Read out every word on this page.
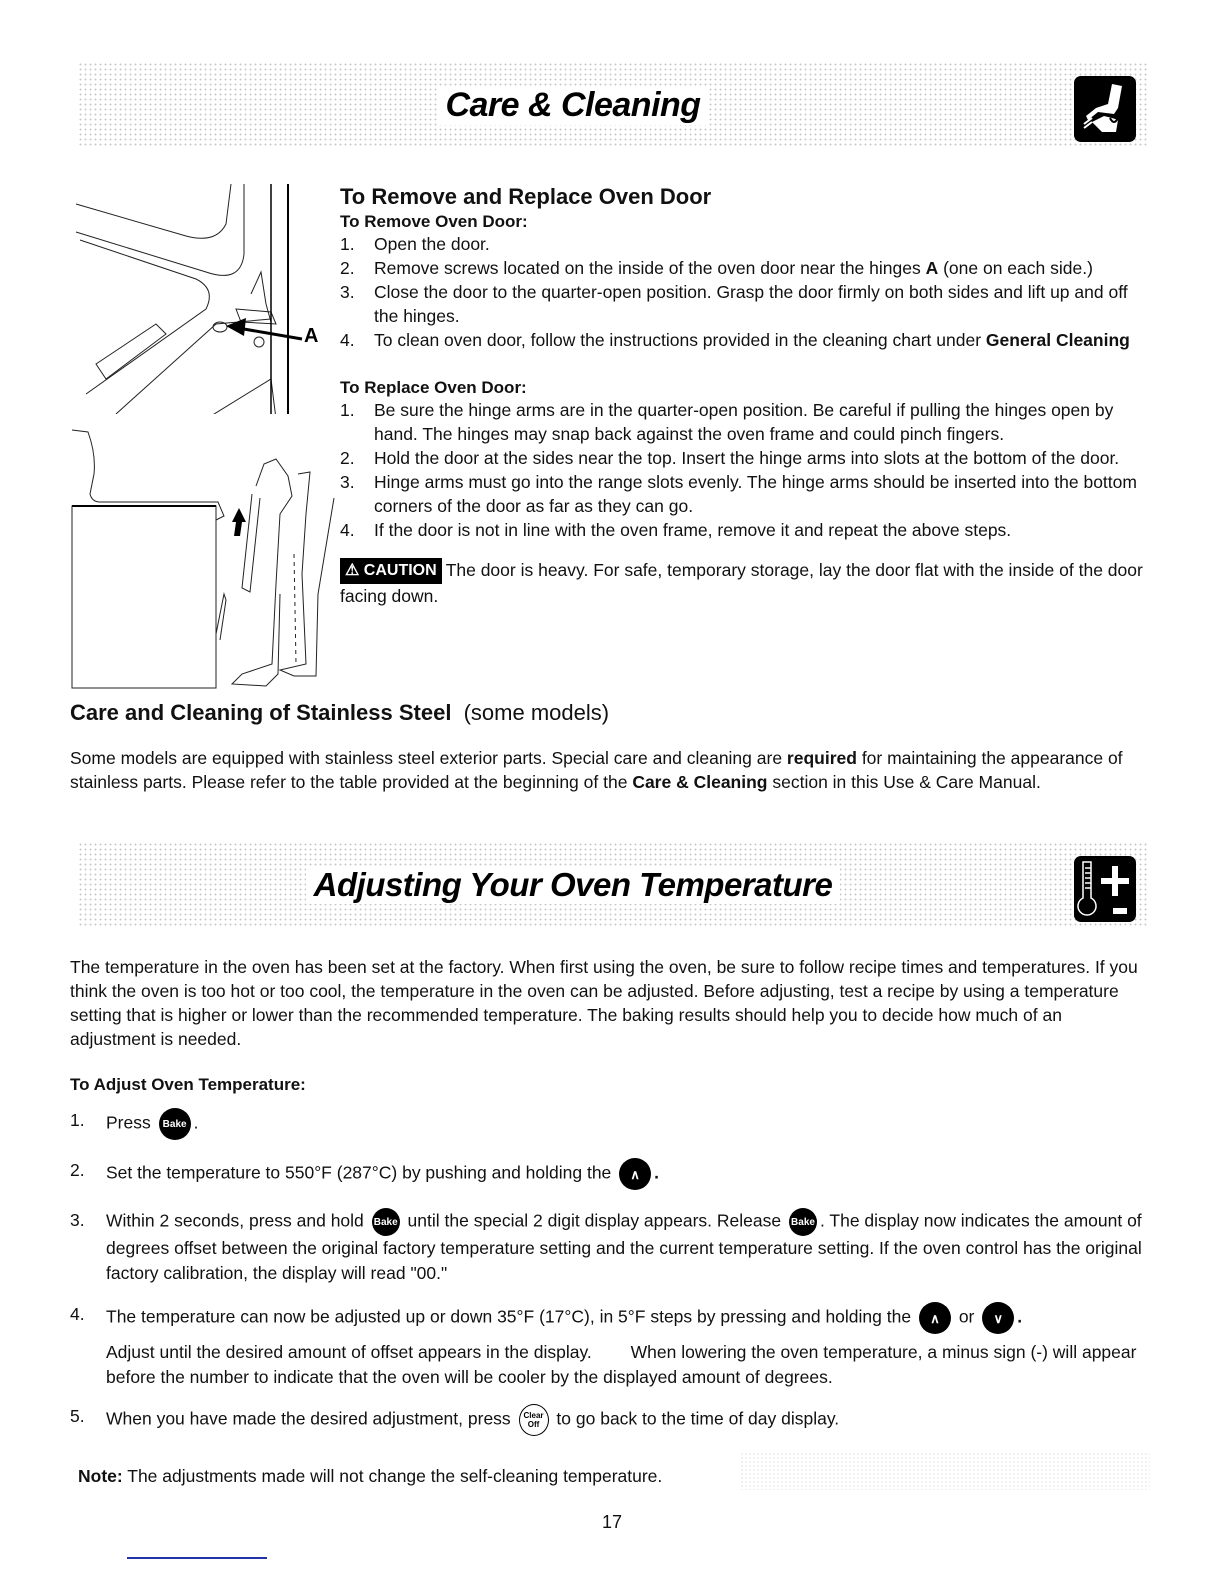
Care & Cleaning
A
To Remove and Replace Oven Door
To Remove Oven Door:
1. Open the door.
2. Remove screws located on the inside of the oven door near the hinges A (one on each side.)
3. Close the door to the quarter-open position. Grasp the door firmly on both sides and lift up and off the hinges.
4. To clean oven door, follow the instructions provided in the cleaning chart under General Cleaning
To Replace Oven Door:
1. Be sure the hinge arms are in the quarter-open position. Be careful if pulling the hinges open by hand. The hinges may snap back against the oven frame and could pinch fingers.
2. Hold the door at the sides near the top. Insert the hinge arms into slots at the bottom of the door.
3. Hinge arms must go into the range slots evenly. The hinge arms should be inserted into the bottom corners of the door as far as they can go.
4. If the door is not in line with the oven frame, remove it and repeat the above steps.
⚠ CAUTION The door is heavy. For safe, temporary storage, lay the door flat with the inside of the door facing down.
Care and Cleaning of Stainless Steel (some models)

Some models are equipped with stainless steel exterior parts. Special care and cleaning are required for maintaining the appearance of stainless parts. Please refer to the table provided at the beginning of the Care & Cleaning section in this Use & Care Manual.

Adjusting Your Oven Temperature

The temperature in the oven has been set at the factory. When first using the oven, be sure to follow recipe times and temperatures. If you think the oven is too hot or too cool, the temperature in the oven can be adjusted. Before adjusting, test a recipe by using a temperature setting that is higher or lower than the recommended temperature. The baking results should help you to decide how much of an adjustment is needed.

To Adjust Oven Temperature:
1. Press Bake .
2. Set the temperature to 550°F (287°C) by pushing and holding the ∧ .
3. Within 2 seconds, press and hold Bake until the special 2 digit display appears. Release Bake . The display now indicates the amount of degrees offset between the original factory temperature setting and the current temperature setting. If the oven control has the original factory calibration, the display will read "00."
4. The temperature can now be adjusted up or down 35°F (17°C), in 5°F steps by pressing and holding the ∧ or ∨ .
Adjust until the desired amount of offset appears in the display.        When lowering the oven temperature, a minus sign (-) will appear before the number to indicate that the oven will be cooler by the displayed amount of degrees.
5. When you have made the desired adjustment, press Clear
Off to go back to the time of day display.
Note: The adjustments made will not change the self-cleaning temperature.
17
